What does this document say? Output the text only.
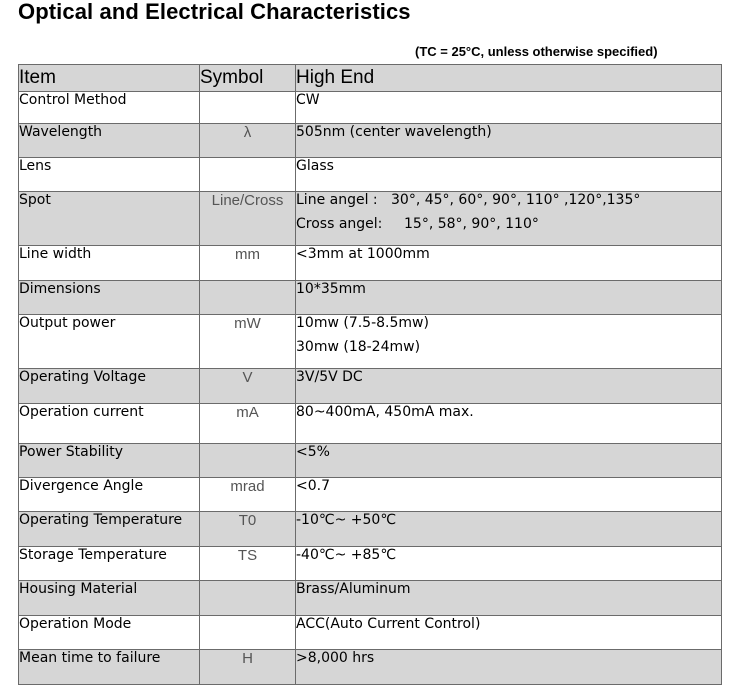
Optical and Electrical Characteristics
(TC = 25°C, unless otherwise specified)
Item	Symbol	High End
Control Method		CW
Wavelength	λ	505nm (center wavelength)
Lens		Glass
Spot	Line/Cross	Line angel : 30°, 45°, 60°, 90°, 110° ,120°,135°
Cross angel: 15°, 58°, 90°, 110°

Line width	mm	<3mm at 1000mm
Dimensions		10*35mm
Output power	mW	10mw (7.5-8.5mw)
30mw (18-24mw)

Operating Voltage	V	3V/5V DC
Operation current	mA	80~400mA, 450mA max.
Power Stability		<5%
Divergence Angle	mrad	<0.7
Operating Temperature	T0	-10℃~ +50℃
Storage Temperature	TS	-40℃~ +85℃
Housing Material		Brass/Aluminum
Operation Mode		ACC(Auto Current Control)
Mean time to failure	H	>8,000 hrs
